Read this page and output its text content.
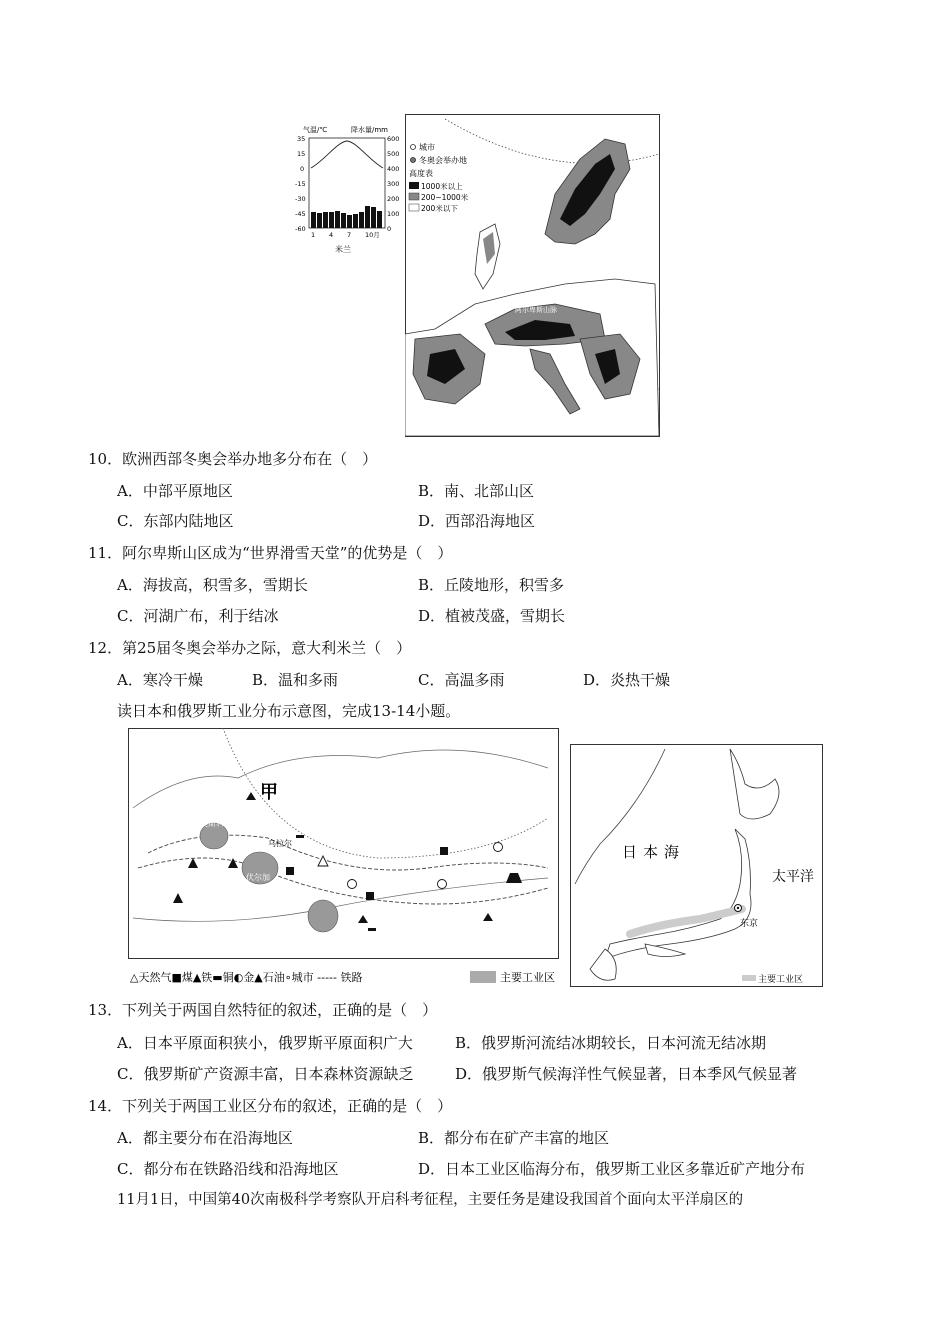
气温/℃	降水量/mm
35
15
0
-15
-30
-45
-60
600
500
400
300
200
100
0
1 4 7 10月
米兰
阿尔卑斯山脉
城市
冬奥会举办地
高度表
1000米以上
200~1000米
200米以下
10．欧洲西部冬奥会举办地多分布在（　）
A．中部平原地区	B．南、北部山区
C．东部内陆地区	D．西部沿海地区
11．阿尔卑斯山区成为“世界滑雪天堂”的优势是（　）
A．海拔高，积雪多，雪期长	B．丘陵地形，积雪多
C．河湖广布，利于结冰	D．植被茂盛，雪期长
12．第25届冬奥会举办之际，意大利米兰（　）
A．寒冷干燥	B．温和多雨	C．高温多雨	D．炎热干燥
读日本和俄罗斯工业分布示意图，完成13-14小题。
甲
莫斯科
乌拉尔
伏尔加
△天然气■煤▲铁▬铜◐金▲石油∘城市 ----- 铁路	主要工业区
日本海
太平洋
东京
主要工业区
13．下列关于两国自然特征的叙述，正确的是（　）
A．日本平原面积狭小，俄罗斯平原面积广大	B．俄罗斯河流结冰期较长，日本河流无结冰期
C．俄罗斯矿产资源丰富，日本森林资源缺乏	D．俄罗斯气候海洋性气候显著，日本季风气候显著
14．下列关于两国工业区分布的叙述，正确的是（　）
A．都主要分布在沿海地区	B．都分布在矿产丰富的地区
C．都分布在铁路沿线和沿海地区	D．日本工业区临海分布，俄罗斯工业区多靠近矿产地分布
11月1日，中国第40次南极科学考察队开启科考征程，主要任务是建设我国首个面向太平洋扇区的
